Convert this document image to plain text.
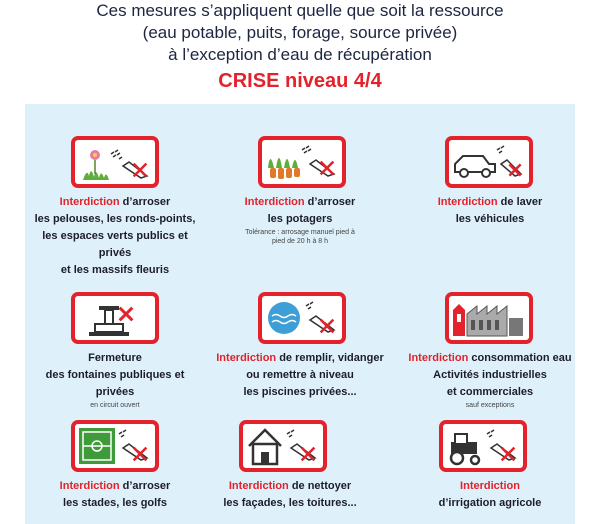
Ces mesures s’appliquent quelle que soit la ressource
(eau potable, puits, forage, source privée)
à l’exception d’eau de récupération
CRISE niveau 4/4
Interdiction d’arroser
les pelouses, les ronds-points,
les espaces verts publics et privés
et les massifs fleuris
Interdiction d’arroser
les potagers
Tolérance : arrosage manuel pied à pied de 20 h à 8 h
Interdiction de laver
les véhicules
Fermeture
des fontaines publiques et privées
en circuit ouvert
Interdiction de remplir, vidanger
ou remettre à niveau
les piscines privées...
Interdiction consommation eau
Activités industrielles
et commerciales
sauf exceptions
Interdiction d’arroser
les stades, les golfs
Interdiction de nettoyer
les façades, les toitures...
Interdiction
d’irrigation agricole
